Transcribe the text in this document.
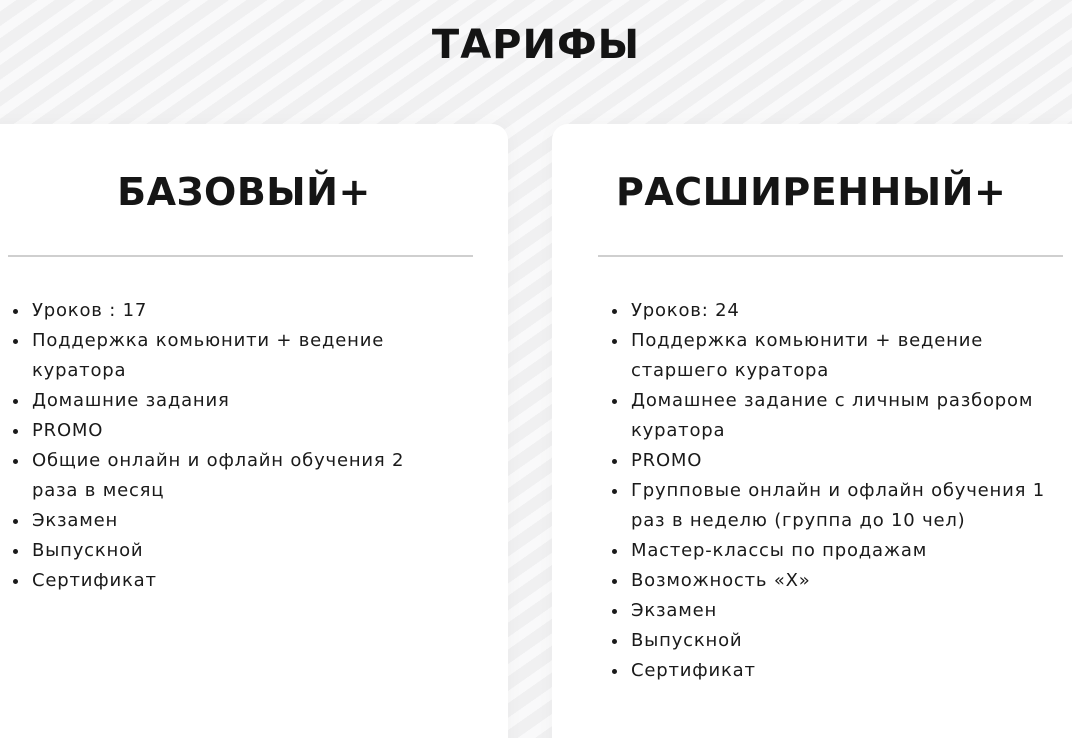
ТАРИФЫ
БАЗОВЫЙ+
Уроков : 17
Поддержка комьюнити + ведение куратора
Домашние задания
PROMO
Общие онлайн и офлайн обучения 2 раза в месяц
Экзамен
Выпускной
Сертификат
РАСШИРЕННЫЙ+
Уроков: 24
Поддержка комьюнити + ведение старшего куратора
Домашнее задание с личным разбором куратора
PROMO
Групповые онлайн и офлайн обучения 1 раз в неделю (группа до 10 чел)
Мастер-классы по продажам
Возможность «Х»
Экзамен
Выпускной
Сертификат
